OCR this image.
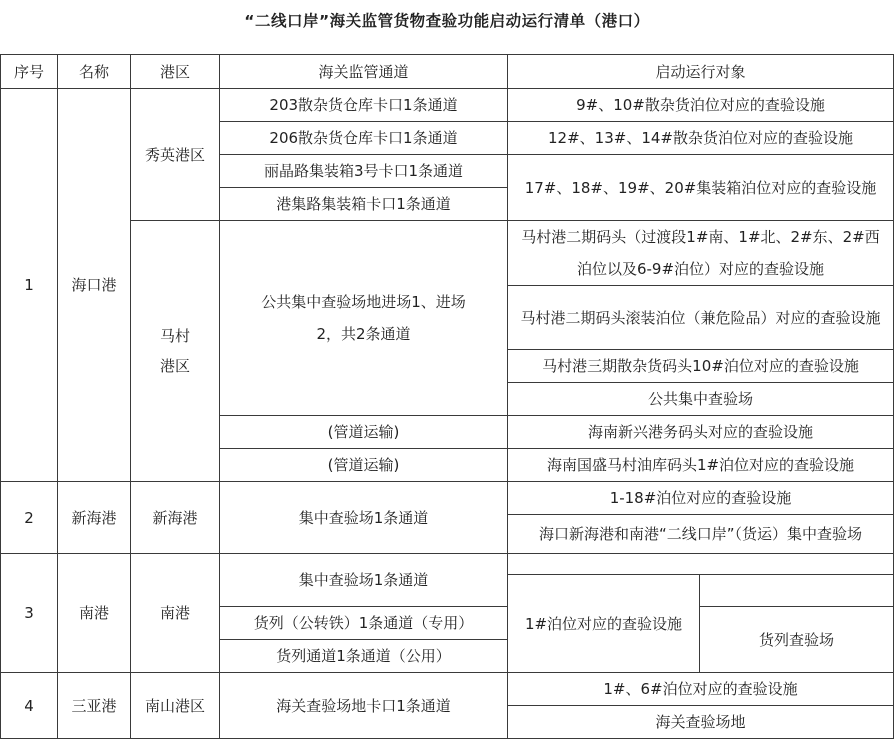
“二线口岸”海关监管货物查验功能启动运行清单（港口）
序号	名称	港区	海关监管通道	启动运行对象	
1	海口港	秀英港区	203散杂货仓库卡口1条通道	9#、10#散杂货泊位对应的查验设施	
			206散杂货仓库卡口1条通道	12#、13#、14#散杂货泊位对应的查验设施	
			丽晶路集装箱3号卡口1条通道	17#、18#、19#、20#集装箱泊位对应的查验设施	
			港集路集装箱卡口1条通道		
		马村港区	公共集中查验场地进场1、进场2，共2条通道	马村港二期码头（过渡段1#南、1#北、2#东、2#西泊位以及6-9#泊位）对应的查验设施	
				马村港二期码头滚装泊位（兼危险品）对应的查验设施	
				马村港三期散杂货码头10#泊位对应的查验设施	
				公共集中查验场	

			(管道运输)	海南新兴港务码头对应的查验设施	
			(管道运输)	海南国盛马村油库码头1#泊位对应的查验设施	
2	新海港	新海港	集中查验场1条通道	1-18#泊位对应的查验设施	
				海口新海港和南港“二线口岸”（货运）集中查验场	
3	南港	南港	集中查验场1条通道		
				1#泊位对应的查验设施	
			货列（公转铁）1条通道（专用）		货列查验场
			货列通道1条通道（公用）		
4	三亚港	南山港区	海关查验场地卡口1条通道	1#、6#泊位对应的查验设施	
				海关查验场地	
